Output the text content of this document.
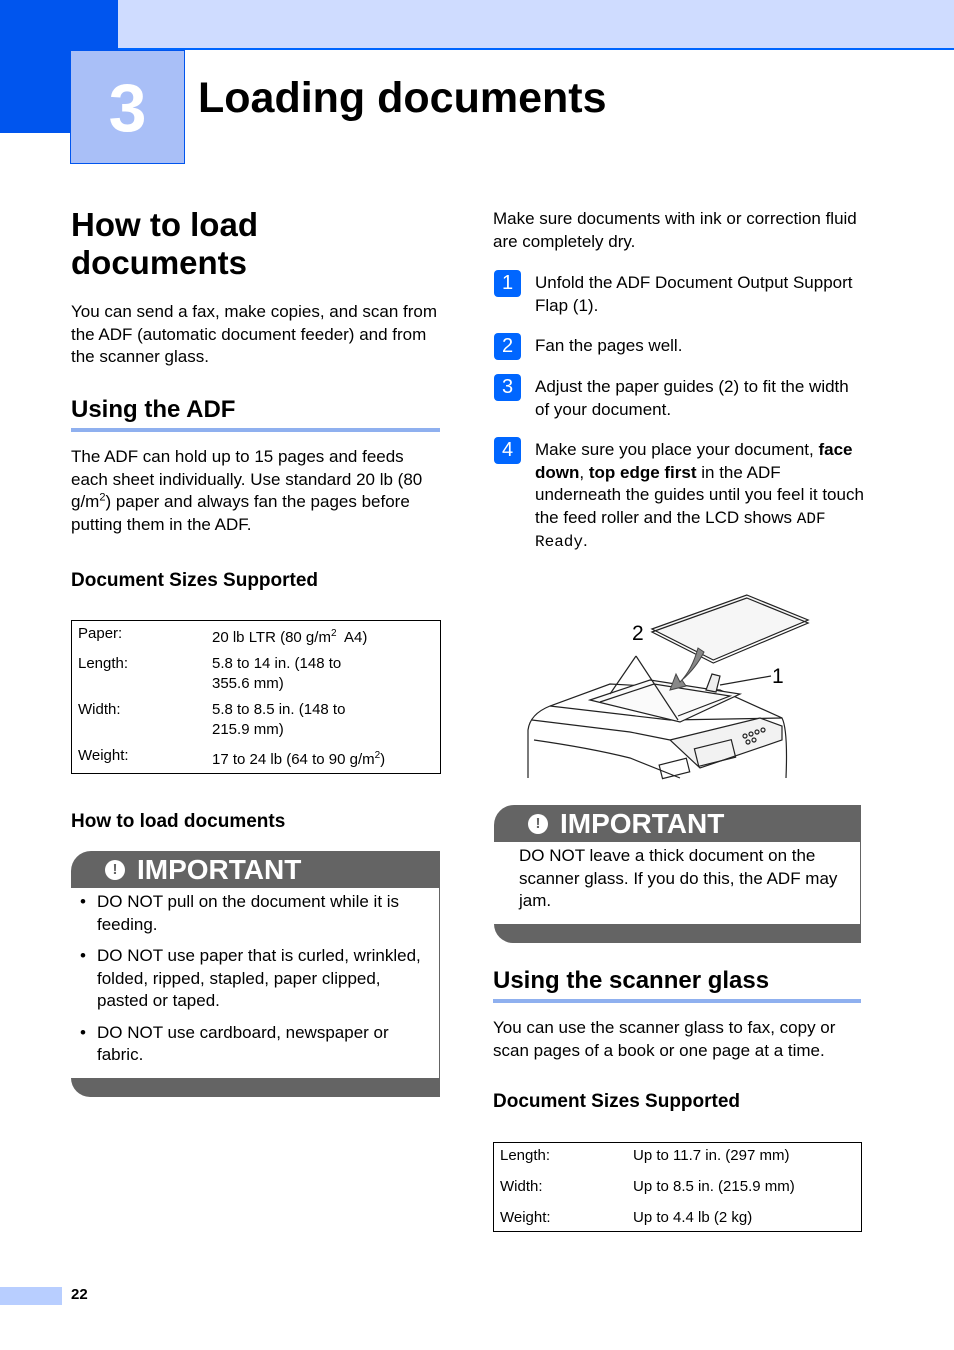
3	Loading documents
How to load
documents
You can send a fax, make copies, and scan from the ADF (automatic document feeder) and from the scanner glass.
Using the ADF
The ADF can hold up to 15 pages and feeds each sheet individually. Use standard 20 lb (80 $g/m^2$) paper and always fan the pages before putting them in the ADF.
Document Sizes Supported
Paper:	20 lb LTR (80 $g/m^2$  A4)
Length:	5.8 to 14 in. (148 to 355.6 mm)
Width:	5.8 to 8.5 in. (148 to 215.9 mm)
Weight:	17 to 24 lb (64 to 90 $g/m^2$)
How to load documents
! IMPORTANT
• DO NOT pull on the document while it is feeding.
• DO NOT use paper that is curled, wrinkled, folded, ripped, stapled, paper clipped, pasted or taped.
• DO NOT use cardboard, newspaper or fabric.
Make sure documents with ink or correction fluid are completely dry.
1	Unfold the ADF Document Output Support Flap (1).
2	Fan the pages well.
3	Adjust the paper guides (2) to fit the width of your document.
4	Make sure you place your document, face down, top edge first in the ADF underneath the guides until you feel it touch the feed roller and the LCD shows ADF Ready.
2
1
! IMPORTANT
DO NOT leave a thick document on the scanner glass. If you do this, the ADF may jam.
Using the scanner glass
You can use the scanner glass to fax, copy or scan pages of a book or one page at a time.
Document Sizes Supported
Length:	Up to 11.7 in. (297 mm)
Width:	Up to 8.5 in. (215.9 mm)
Weight:	Up to 4.4 lb (2 kg)
22
